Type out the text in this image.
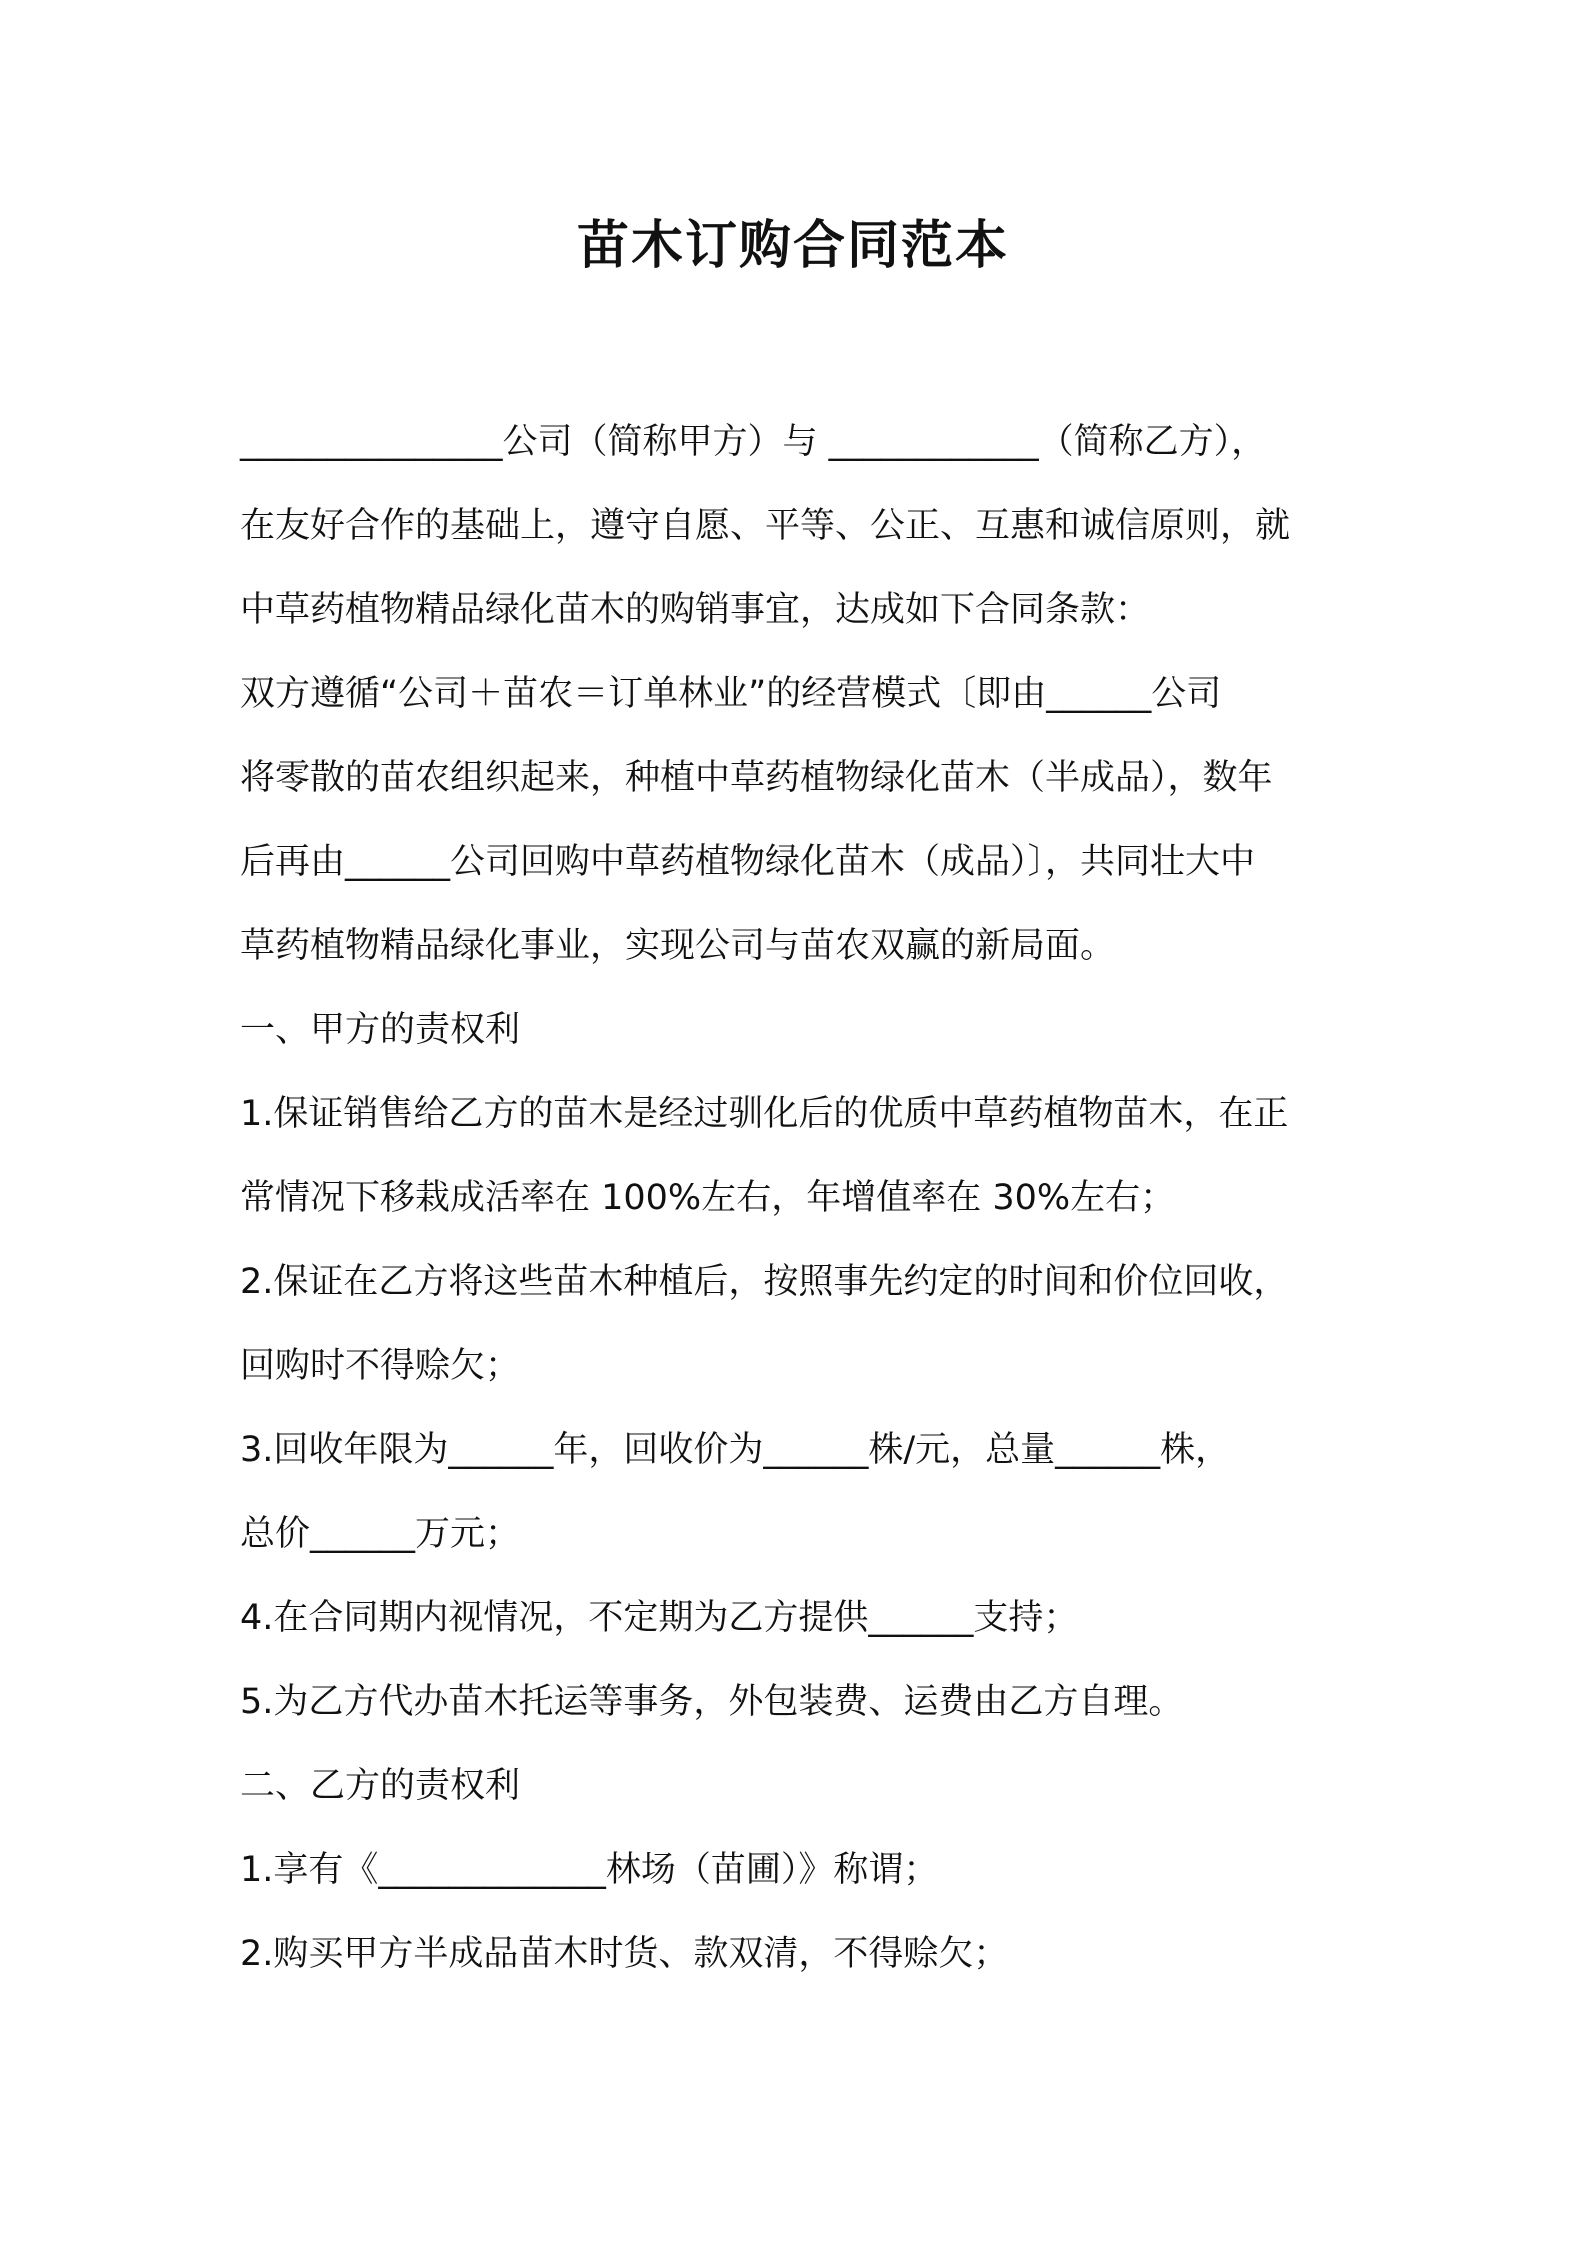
苗木订购合同范本

_______________公司（简称甲方）与 ____________（简称乙方），

在友好合作的基础上，遵守自愿、平等、公正、互惠和诚信原则，就

中草药植物精品绿化苗木的购销事宜，达成如下合同条款：

双方遵循“公司＋苗农＝订单林业”的经营模式〔即由______公司

将零散的苗农组织起来，种植中草药植物绿化苗木（半成品），数年

后再由______公司回购中草药植物绿化苗木（成品）〕，共同壮大中

草药植物精品绿化事业，实现公司与苗农双赢的新局面。

一、甲方的责权利

1.保证销售给乙方的苗木是经过驯化后的优质中草药植物苗木，在正

常情况下移栽成活率在 100%左右，年增值率在 30%左右；

2.保证在乙方将这些苗木种植后，按照事先约定的时间和价位回收，

回购时不得赊欠；

3.回收年限为______年，回收价为______株/元，总量______株，

总价______万元；

4.在合同期内视情况，不定期为乙方提供______支持；

5.为乙方代办苗木托运等事务，外包装费、运费由乙方自理。

二、乙方的责权利

1.享有《_____________林场（苗圃）》称谓；

2.购买甲方半成品苗木时货、款双清，不得赊欠；
